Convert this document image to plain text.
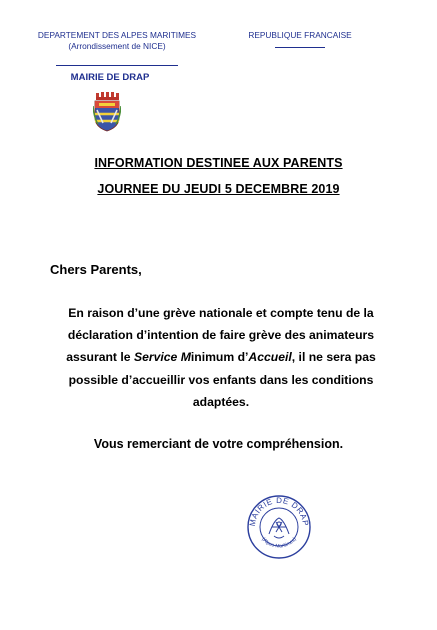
DEPARTEMENT DES ALPES MARITIMES
(Arrondissement de NICE)
REPUBLIQUE FRANCAISE
MAIRIE DE DRAP
INFORMATION DESTINEE AUX PARENTS
JOURNEE DU JEUDI 5 DECEMBRE 2019
Chers Parents,
En raison d’une grève nationale et compte tenu de la déclaration d’intention de faire grève des animateurs assurant le Service Minimum d’Accueil, il ne sera pas possible d’accueillir vos enfants dans les conditions adaptées.
Vous remerciant de votre compréhension.
MAIRIE DE DRAP
(Alpes-Maritimes)
